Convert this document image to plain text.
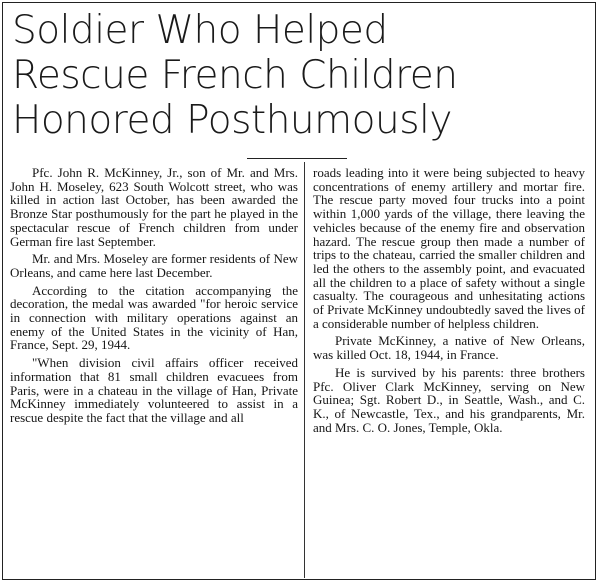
Soldier Who Helped
Rescue French Children
Honored Posthumously

Pfc. John R. McKinney, Jr., son of Mr. and Mrs. John H. Moseley, 623 South Wolcott street, who was killed in action last October, has been awarded the Bronze Star posthumously for the part he played in the spectacular rescue of French children from under German fire last September.

Mr. and Mrs. Moseley are former residents of New Orleans, and came here last December.

According to the citation accompanying the decoration, the medal was awarded "for heroic service in connection with military operations against an enemy of the United States in the vicinity of Han, France, Sept. 29, 1944.

"When division civil affairs officer received information that 81 small children evacuees from Paris, were in a chateau in the village of Han, Private McKinney immediately volunteered to assist in a rescue despite the fact that the village and all

roads leading into it were being subjected to heavy concentrations of enemy artillery and mortar fire. The rescue party moved four trucks into a point within 1,000 yards of the village, there leaving the vehicles because of the enemy fire and observation hazard. The rescue group then made a number of trips to the chateau, carried the smaller children and led the others to the assembly point, and evacuated all the children to a place of safety without a single casualty. The courageous and unhesitating actions of Private McKinney undoubtedly saved the lives of a considerable number of helpless children.

Private McKinney, a native of New Orleans, was killed Oct. 18, 1944, in France.

He is survived by his parents: three brothers Pfc. Oliver Clark McKinney, serving on New Guinea; Sgt. Robert D., in Seattle, Wash., and C. K., of Newcastle, Tex., and his grandparents, Mr. and Mrs. C. O. Jones, Temple, Okla.
